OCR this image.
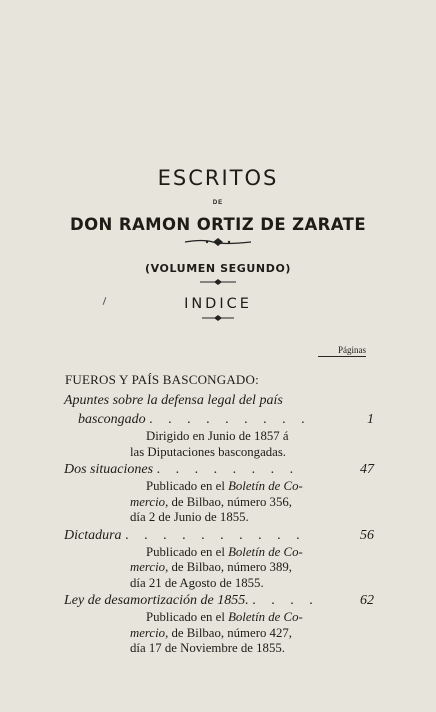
ESCRITOS
DE
DON RAMON ORTIZ DE ZARATE
(VOLUMEN SEGUNDO)
INDICE
Páginas
FUEROS Y PAÍS BASCONGADO:
Apuntes sobre la defensa legal del país
bascongado . . . . . . . . .	1
Dirigido en Junio de 1857 á
las Diputaciones bascongadas.
Dos situaciones . . . . . . . .	47
Publicado en el Boletín de Co-
mercio, de Bilbao, número 356,
día 2 de Junio de 1855.
Dictadura . . . . . . . . . .	56
Publicado en el Boletín de Co-
mercio, de Bilbao, número 389,
día 21 de Agosto de 1855.
Ley de desamortización de 1855. . . . .	62
Publicado en el Boletín de Co-
mercio, de Bilbao, número 427,
día 17 de Noviembre de 1855.
